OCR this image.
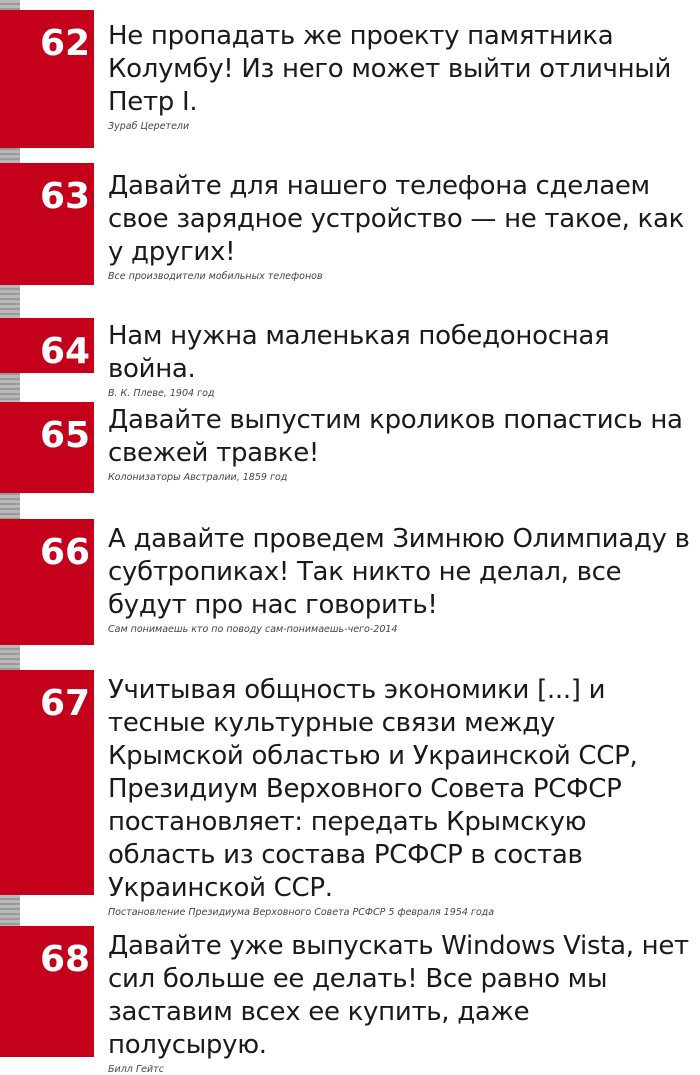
62 Не пропадать же проекту памятника Колумбу! Из него может выйти отличный Петр I.
Зураб Церетели
63 Давайте для нашего телефона сделаем свое зарядное устройство — не такое, как у других!
Все производители мобильных телефонов
64 Нам нужна маленькая победоносная война.
В. К. Плеве, 1904 год
65 Давайте выпустим кроликов попастись на свежей травке!
Колонизаторы Австралии, 1859 год
66 А давайте проведем Зимнюю Олимпиаду в субтропиках! Так никто не делал, все будут про нас говорить!
Сам понимаешь кто по поводу сам-понимаешь-чего-2014
67 Учитывая общность экономики [...] и тесные культурные связи между Крымской областью и Украинской ССР, Президиум Верховного Совета РСФСР постановляет: передать Крымскую область из состава РСФСР в состав Украинской ССР.
Постановление Президиума Верховного Совета РСФСР 5 февраля 1954 года
68 Давайте уже выпускать Windows Vista, нет сил больше ее делать! Все равно мы заставим всех ее купить, даже полусырую.
Билл Гейтс
